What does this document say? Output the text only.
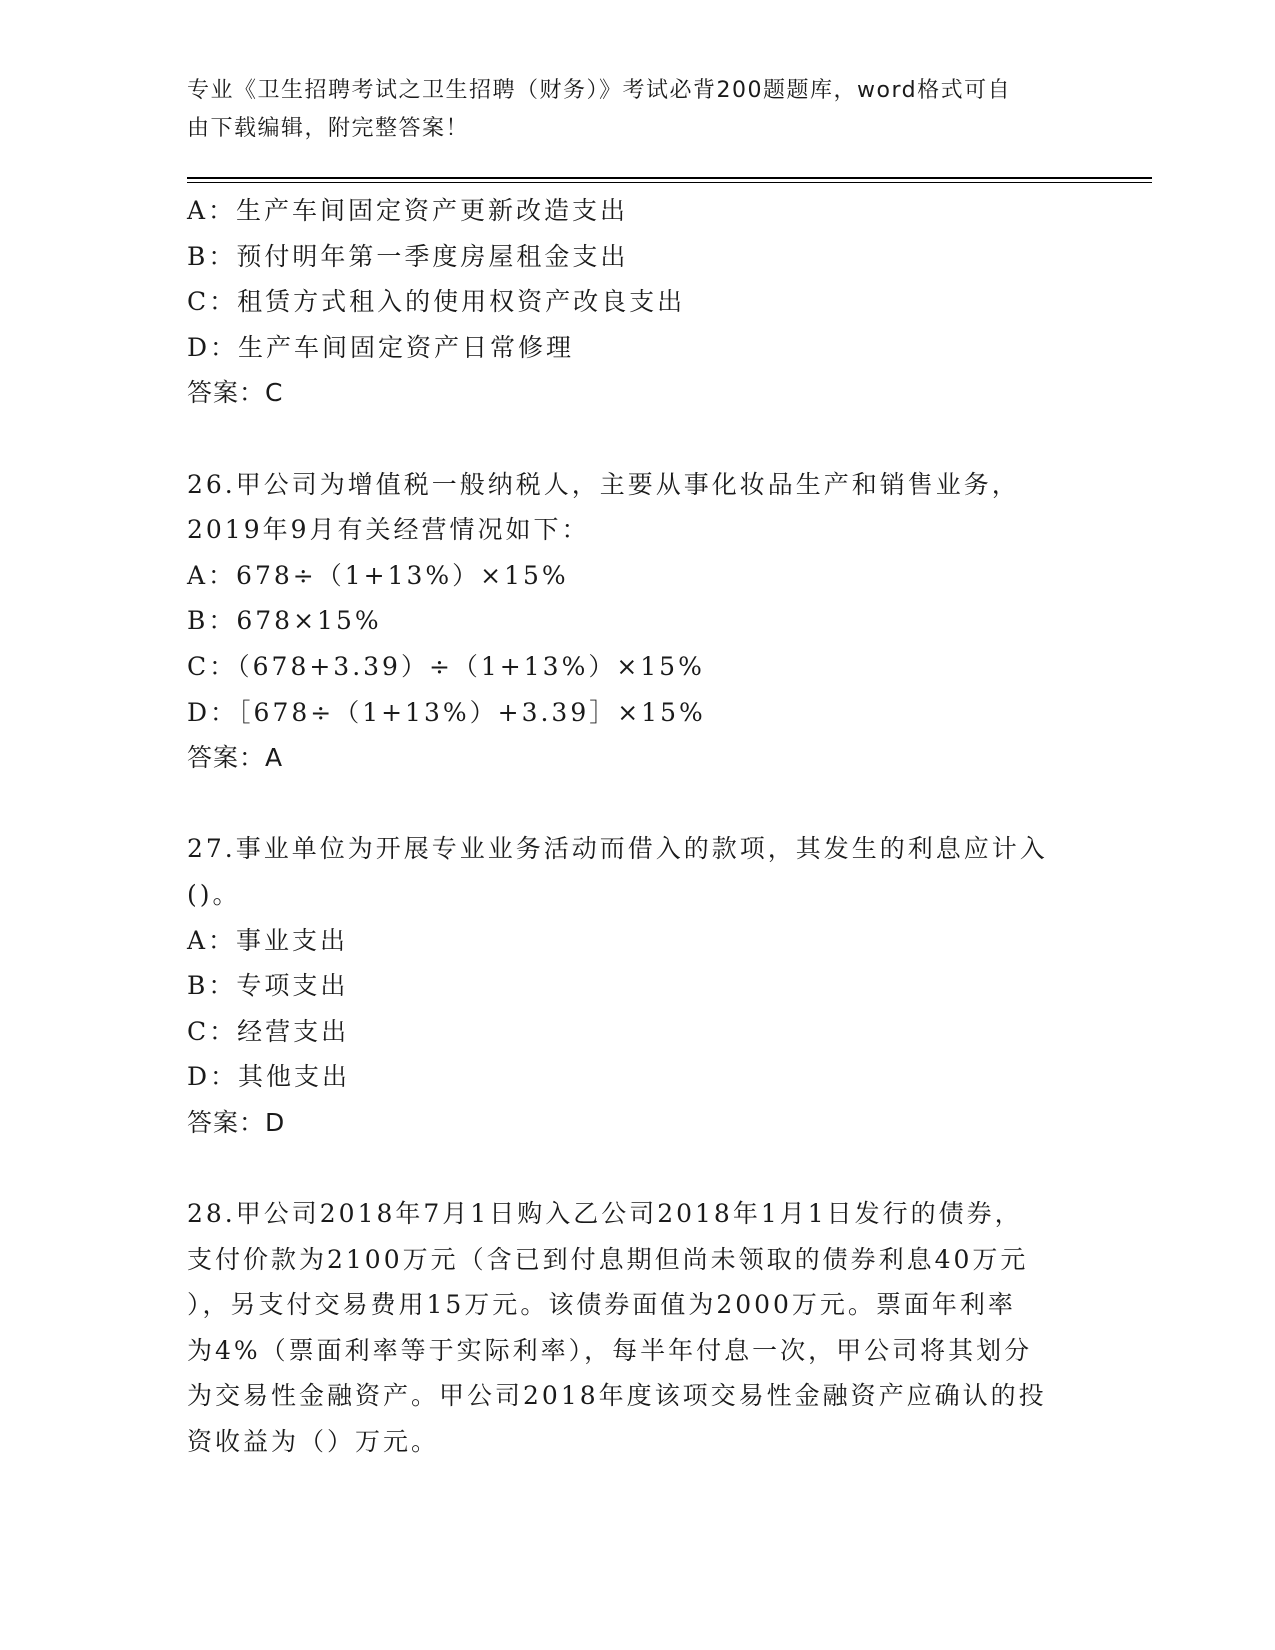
专业《卫生招聘考试之卫生招聘（财务）》考试必背200题题库，word格式可自
由下载编辑，附完整答案！
A：生产车间固定资产更新改造支出
B：预付明年第一季度房屋租金支出
C：租赁方式租入的使用权资产改良支出
D：生产车间固定资产日常修理
答案：C
26.甲公司为增值税一般纳税人，主要从事化妆品生产和销售业务，
2019年9月有关经营情况如下：
A：678÷（1+13%）×15%
B：678×15%
C：（678+3.39）÷（1+13%）×15%
D：［678÷（1+13%）+3.39］×15%
答案：A
27.事业单位为开展专业业务活动而借入的款项，其发生的利息应计入
()。
A：事业支出
B：专项支出
C：经营支出
D：其他支出
答案：D
28.甲公司2018年7月1日购入乙公司2018年1月1日发行的债券，
支付价款为2100万元（含已到付息期但尚未领取的债券利息40万元
），另支付交易费用15万元。该债券面值为2000万元。票面年利率
为4%（票面利率等于实际利率），每半年付息一次，甲公司将其划分
为交易性金融资产。甲公司2018年度该项交易性金融资产应确认的投
资收益为（）万元。
